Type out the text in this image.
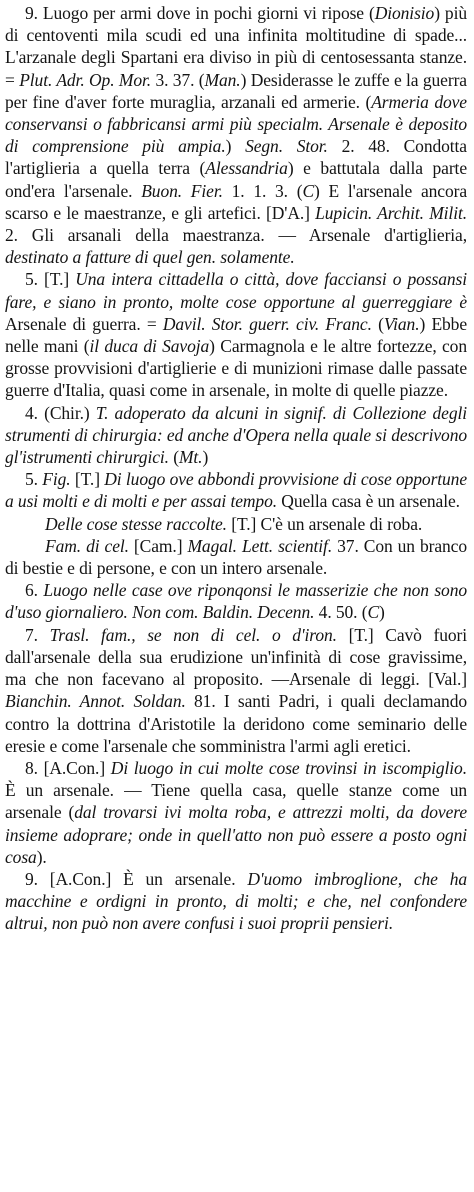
9. Luogo per armi dove in pochi giorni vi ripose (Dionisio) più di centoventi mila scudi ed una infinita moltitudine di spade... L'arzanale degli Spartani era diviso in più di centosessanta stanze. = Plut. Adr. Op. Mor. 3. 37. (Man.) Desiderasse le zuffe e la guerra per fine d'aver forte muraglia, arzanali ed armerie. (Armeria dove conservansi o fabbricansi armi più specialm. Arsenale è deposito di comprensione più ampia.) Segn. Stor. 2. 48. Condotta l'artiglieria a quella terra (Alessandria) e battutala dalla parte ond'era l'arsenale. Buon. Fier. 1. 1. 3. (C) E l'arsenale ancora scarso e le maestranze, e gli artefici. [D'A.] Lupicin. Archit. Milit. 2. Gli arsanali della maestranza. — Arsenale d'artiglieria, destinato a fatture di quel gen. solamente.

5. [T.] Una intera cittadella o città, dove facciansi o possansi fare, e siano in pronto, molte cose opportune al guerreggiare è Arsenale di guerra. = Davil. Stor. guerr. civ. Franc. (Vian.) Ebbe nelle mani (il duca di Savoja) Carmagnola e le altre fortezze, con grosse provvisioni d'artiglierie e di munizioni rimase dalle passate guerre d'Italia, quasi come in arsenale, in molte di quelle piazze.

4. (Chir.) T. adoperato da alcuni in signif. di Collezione degli strumenti di chirurgia: ed anche d'Opera nella quale si descrivono gl'istrumenti chirurgici. (Mt.)

5. Fig. [T.] Di luogo ove abbondi provvisione di cose opportune a usi molti e di molti e per assai tempo. Quella casa è un arsenale.

Delle cose stesse raccolte. [T.] C'è un arsenale di roba.

Fam. di cel. [Cam.] Magal. Lett. scientif. 37. Con un branco di bestie e di persone, e con un intero arsenale.

6. Luogo nelle case ove riponqonsi le masserizie che non sono d'uso giornaliero. Non com. Baldin. Decenn. 4. 50. (C)

7. Trasl. fam., se non di cel. o d'iron. [T.] Cavò fuori dall'arsenale della sua erudizione un'infinità di cose gravissime, ma che non facevano al proposito. —Arsenale di leggi. [Val.] Bianchin. Annot. Soldan. 81. I santi Padri, i quali declamando contro la dottrina d'Aristotile la deridono come seminario delle eresie e come l'arsenale che somministra l'armi agli eretici.

8. [A.Con.] Di luogo in cui molte cose trovinsi in iscompiglio. È un arsenale. — Tiene quella casa, quelle stanze come un arsenale (dal trovarsi ivi molta roba, e attrezzi molti, da dovere insieme adoprare; onde in quell'atto non può essere a posto ogni cosa).

9. [A.Con.] È un arsenale. D'uomo imbroglione, che ha macchine e ordigni in pronto, di molti; e che, nel confondere altrui, non può non avere confusi i suoi proprii pensieri.
